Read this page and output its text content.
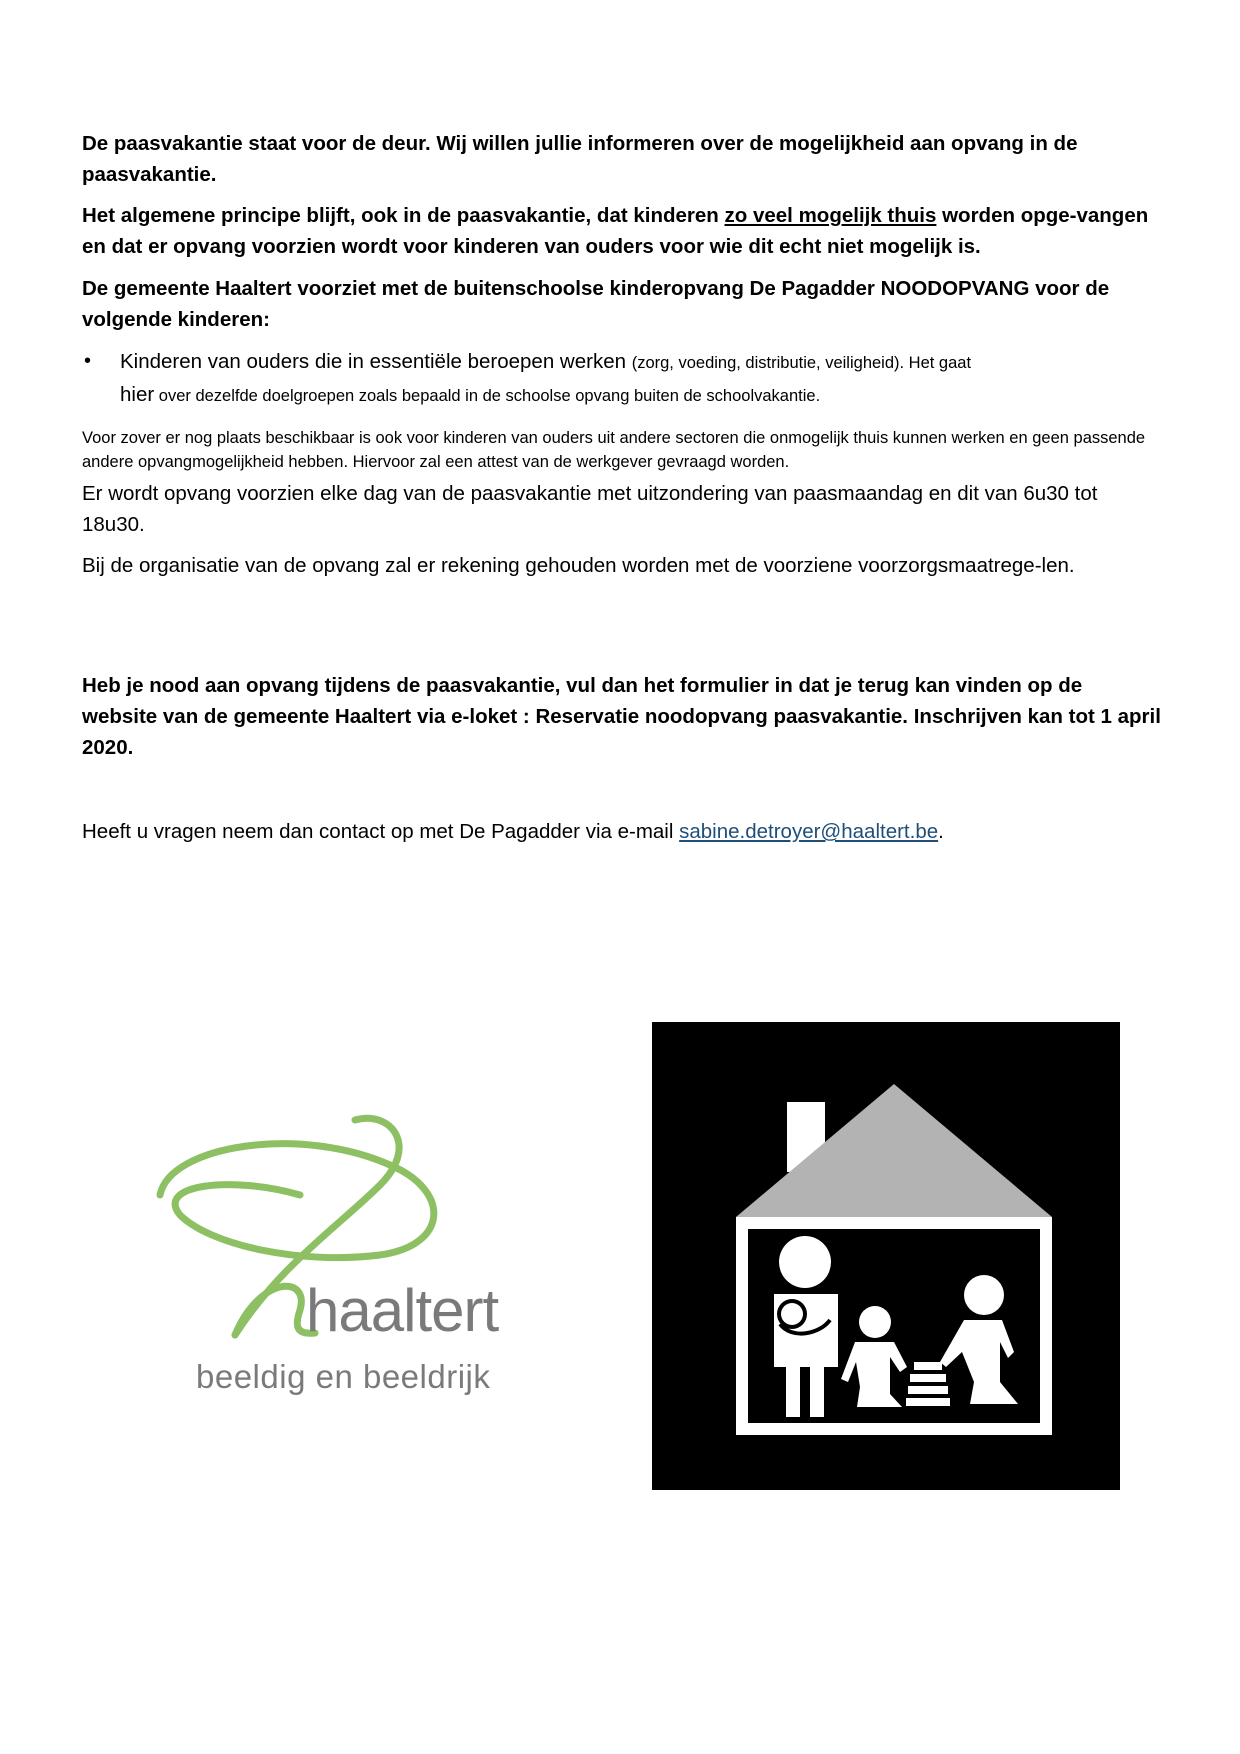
De paasvakantie staat voor de deur. Wij willen jullie informeren over de mogelijkheid aan opvang in de paasvakantie.

Het algemene principe blijft, ook in de paasvakantie, dat kinderen zo veel mogelijk thuis worden opge-vangen en dat er opvang voorzien wordt voor kinderen van ouders voor wie dit echt niet mogelijk is.

De gemeente Haaltert voorziet met de buitenschoolse kinderopvang De Pagadder NOODOPVANG voor de volgende kinderen:

• Kinderen van ouders die in essentiële beroepen werken (zorg, voeding, distributie, veiligheid). Het gaat
hier over dezelfde doelgroepen zoals bepaald in de schoolse opvang buiten de schoolvakantie.

Voor zover er nog plaats beschikbaar is ook voor kinderen van ouders uit andere sectoren die onmogelijk thuis kunnen werken en geen passende andere opvangmogelijkheid hebben. Hiervoor zal een attest van de werkgever gevraagd worden.

Er wordt opvang voorzien elke dag van de paasvakantie met uitzondering van paasmaandag en dit van 6u30 tot 18u30.

Bij de organisatie van de opvang zal er rekening gehouden worden met de voorziene voorzorgsmaatrege-len.

Heb je nood aan opvang tijdens de paasvakantie, vul dan het formulier in dat je terug kan vinden op de website van de gemeente Haaltert via e-loket : Reservatie noodopvang paasvakantie. Inschrijven kan tot 1 april 2020.

Heeft u vragen neem dan contact op met De Pagadder via e-mail sabine.detroyer@haaltert.be.

haaltert
beeldig en beeldrijk
